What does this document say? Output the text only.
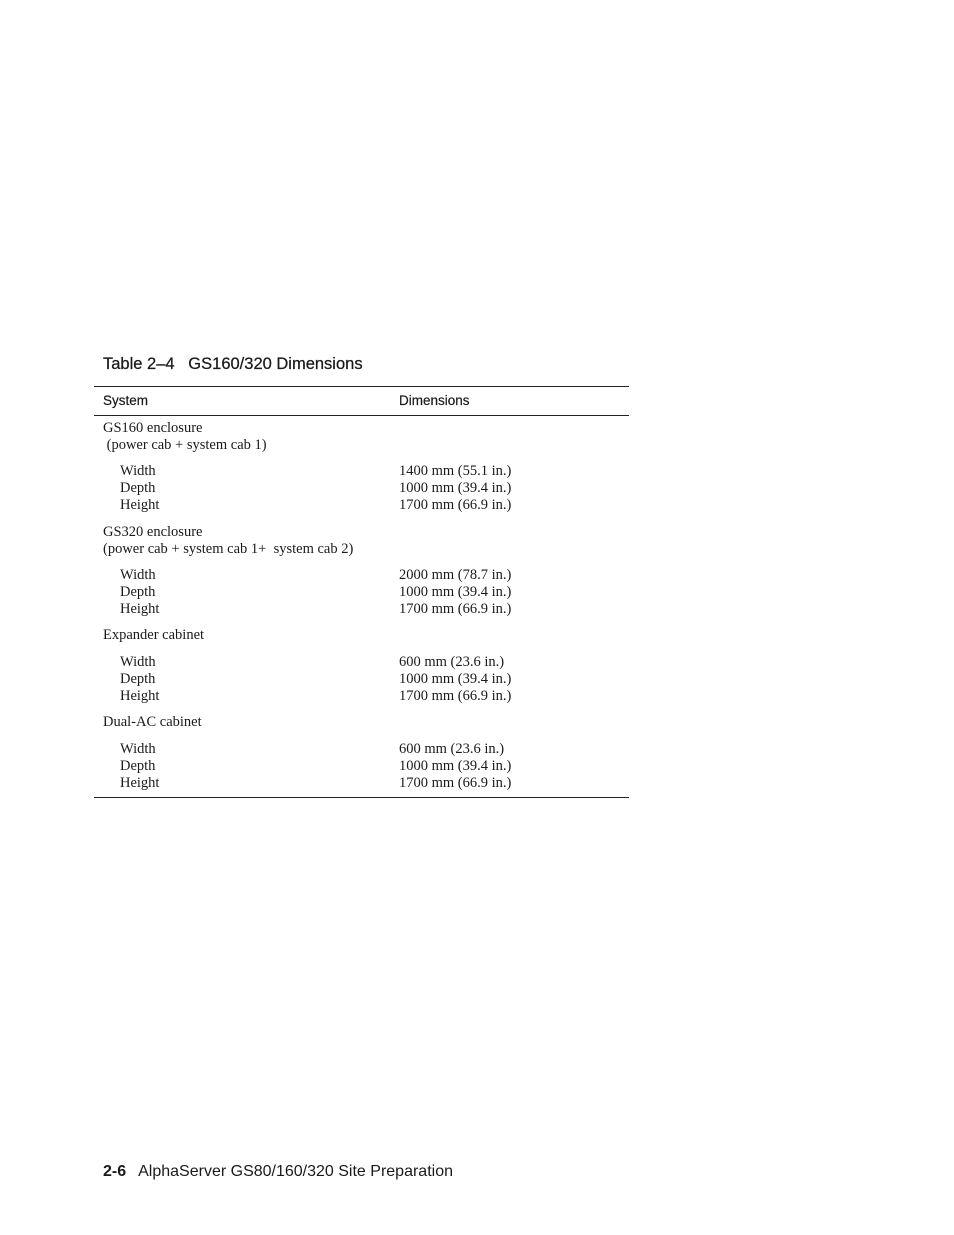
Table 2–4   GS160/320 Dimensions
System	Dimensions
GS160 enclosure
(power cab + system cab 1)
Width	1400 mm (55.1 in.)
Depth	1000 mm (39.4 in.)
Height	1700 mm (66.9 in.)
GS320 enclosure
(power cab + system cab 1+  system cab 2)
Width	2000 mm (78.7 in.)
Depth	1000 mm (39.4 in.)
Height	1700 mm (66.9 in.)
Expander cabinet
Width	600 mm (23.6 in.)
Depth	1000 mm (39.4 in.)
Height	1700 mm (66.9 in.)
Dual-AC cabinet
Width	600 mm (23.6 in.)
Depth	1000 mm (39.4 in.)
Height	1700 mm (66.9 in.)
2-6 AlphaServer GS80/160/320 Site Preparation
